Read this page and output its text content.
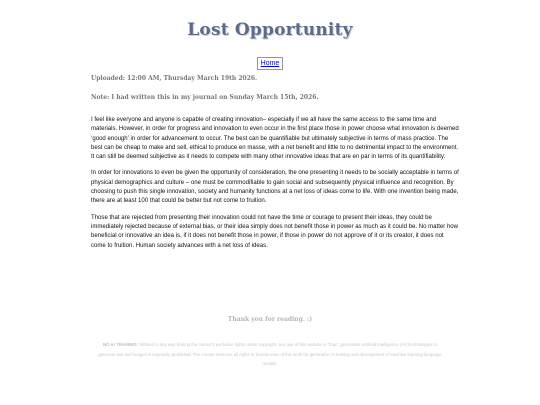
Lost Opportunity
Home
Uploaded: 12:00 AM, Thursday March 19th 2026.
Note: I had written this in my journal on Sunday March 15th, 2026.

I feel like everyone and anyone is capable of creating innovation– especially if we all have the same access to the same time and materials. However, in order for progress and innovation to even occur in the first place those in power choose what innovation is deemed ‘good enough’ in order for advancement to occur. The best can be quantifiable but ultimately subjective in terms of mass practice. The best can be cheap to make and sell, ethical to produce en masse, with a net benefit and little to no detrimental impact to the environment. It can still be deemed subjective as it needs to compete with many other innovative ideas that are en par in terms of its quantifiability.

In order for innovations to even be given the opportunity of consideration, the one presenting it needs to be socially acceptable in terms of physical demographics and culture – one must be commodifiable to gain social and subsequently physical influence and recognition. By choosing to push this single innovation, society and humanity functions at a net loss of ideas come to life. With one invention being made, there are at least 100 that could be better but not come to fruition.

Those that are rejected from presenting their innovation could not have the time or courage to present their ideas, they could be immediately rejected because of external bias, or their idea simply does not benefit those in power as much as it could be. No matter how beneficial or innovative an idea is, if it does not benefit those in power, if those in power do not approve of it or its creator, it does not come to fruition. Human society advances with a net loss of ideas.

Thank you for reading. :)
NO AI TRAINING: Without in any way limiting the creator's exclusive rights under copyright, any use of this website in "train" generative artificial intelligence (AI) technologies to generate text and images is expressly prohibited. The creator reserves all rights to license uses of this work for generative AI training and development of machine learning language models.
